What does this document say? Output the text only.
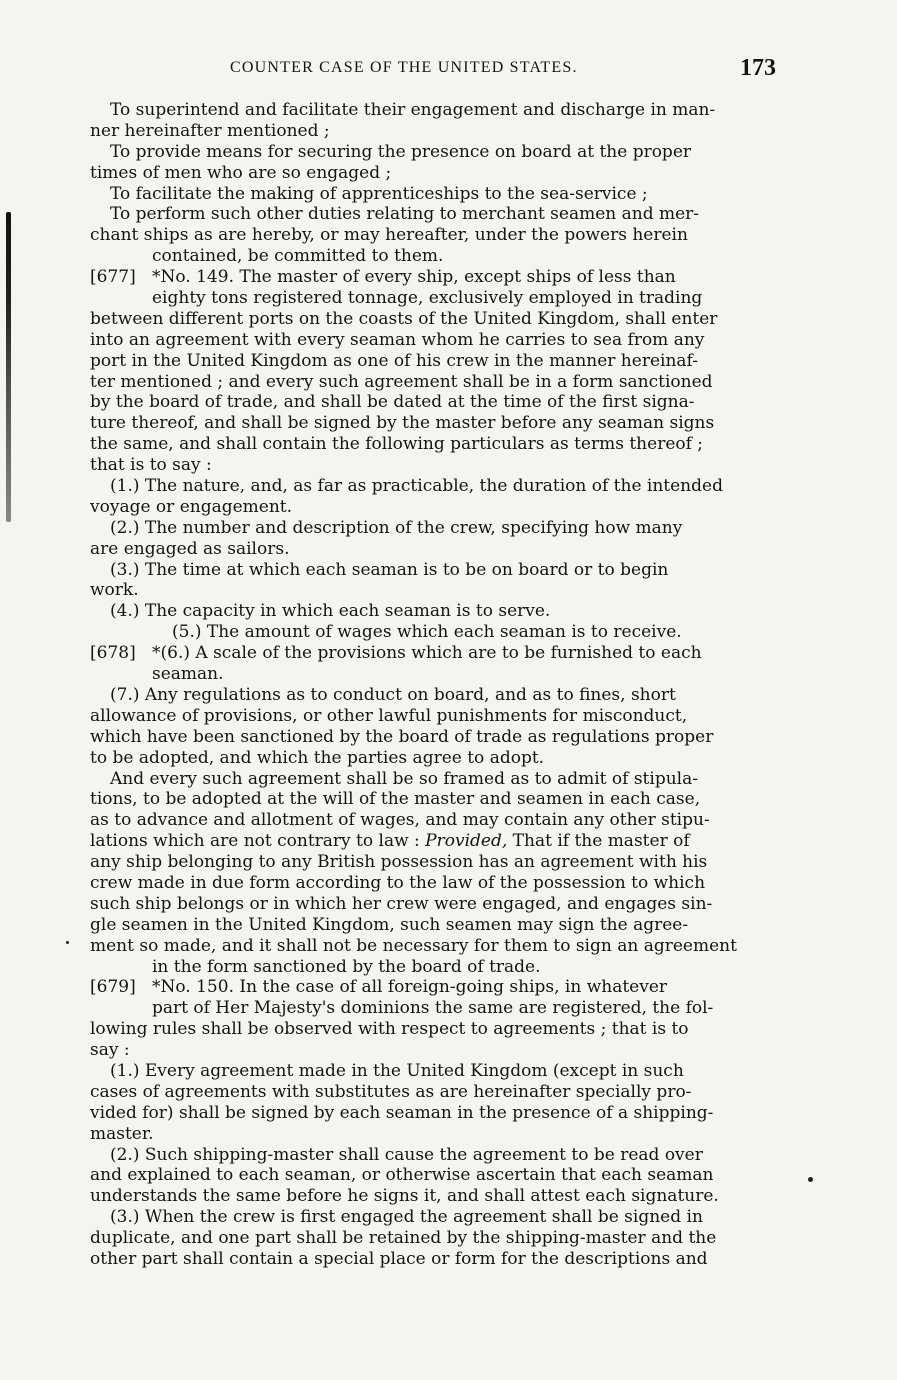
COUNTER CASE OF THE UNITED STATES.	173
To superintend and facilitate their engagement and discharge in man-
ner hereinafter mentioned ;
To provide means for securing the presence on board at the proper
times of men who are so engaged ;
To facilitate the making of apprenticeships to the sea-service ;
To perform such other duties relating to merchant seamen and mer-
chant ships as are hereby, or may hereafter, under the powers herein
contained, be committed to them.
[677] *No. 149. The master of every ship, except ships of less than
eighty tons registered tonnage, exclusively employed in trading
between different ports on the coasts of the United Kingdom, shall enter
into an agreement with every seaman whom he carries to sea from any
port in the United Kingdom as one of his crew in the manner hereinaf-
ter mentioned ; and every such agreement shall be in a form sanctioned
by the board of trade, and shall be dated at the time of the first signa-
ture thereof, and shall be signed by the master before any seaman signs
the same, and shall contain the following particulars as terms thereof ;
that is to say :
(1.) The nature, and, as far as practicable, the duration of the intended
voyage or engagement.
(2.) The number and description of the crew, specifying how many
are engaged as sailors.
(3.) The time at which each seaman is to be on board or to begin
work.
(4.) The capacity in which each seaman is to serve.
(5.) The amount of wages which each seaman is to receive.
[678] *(6.) A scale of the provisions which are to be furnished to each
seaman.
(7.) Any regulations as to conduct on board, and as to fines, short
allowance of provisions, or other lawful punishments for misconduct,
which have been sanctioned by the board of trade as regulations proper
to be adopted, and which the parties agree to adopt.
And every such agreement shall be so framed as to admit of stipula-
tions, to be adopted at the will of the master and seamen in each case,
as to advance and allotment of wages, and may contain any other stipu-
lations which are not contrary to law : Provided, That if the master of
any ship belonging to any British possession has an agreement with his
crew made in due form according to the law of the possession to which
such ship belongs or in which her crew were engaged, and engages sin-
gle seamen in the United Kingdom, such seamen may sign the agree-
ment so made, and it shall not be necessary for them to sign an agreement
in the form sanctioned by the board of trade.
[679] *No. 150. In the case of all foreign-going ships, in whatever
part of Her Majesty's dominions the same are registered, the fol-
lowing rules shall be observed with respect to agreements ; that is to
say :
(1.) Every agreement made in the United Kingdom (except in such
cases of agreements with substitutes as are hereinafter specially pro-
vided for) shall be signed by each seaman in the presence of a shipping-
master.
(2.) Such shipping-master shall cause the agreement to be read over
and explained to each seaman, or otherwise ascertain that each seaman
understands the same before he signs it, and shall attest each signature.
(3.) When the crew is first engaged the agreement shall be signed in
duplicate, and one part shall be retained by the shipping-master and the
other part shall contain a special place or form for the descriptions and
